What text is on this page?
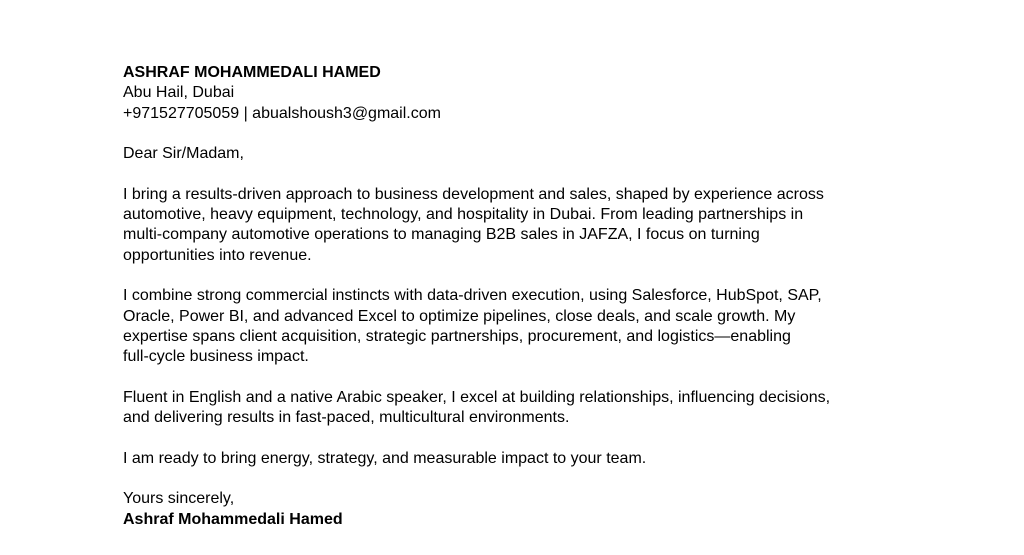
ASHRAF MOHAMMEDALI HAMED
Abu Hail, Dubai
+971527705059 | abualshoush3@gmail.com
Dear Sir/Madam,
I bring a results-driven approach to business development and sales, shaped by experience across
automotive, heavy equipment, technology, and hospitality in Dubai. From leading partnerships in
multi-company automotive operations to managing B2B sales in JAFZA, I focus on turning
opportunities into revenue.
I combine strong commercial instincts with data-driven execution, using Salesforce, HubSpot, SAP,
Oracle, Power BI, and advanced Excel to optimize pipelines, close deals, and scale growth. My
expertise spans client acquisition, strategic partnerships, procurement, and logistics—enabling
full-cycle business impact.
Fluent in English and a native Arabic speaker, I excel at building relationships, influencing decisions,
and delivering results in fast-paced, multicultural environments.
I am ready to bring energy, strategy, and measurable impact to your team.
Yours sincerely,
Ashraf Mohammedali Hamed
